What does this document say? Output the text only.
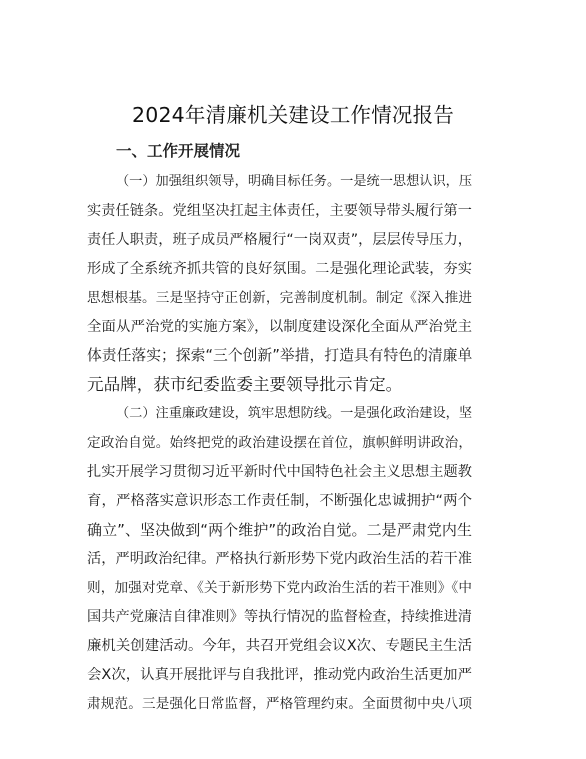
2024年清廉机关建设工作情况报告
一、工作开展情况

（一）加强组织领导，明确目标任务。一是统一思想认识，压

实责任链条。党组坚决扛起主体责任，主要领导带头履行第一

责任人职责，班子成员严格履行“一岗双责”，层层传导压力，

形成了全系统齐抓共管的良好氛围。二是强化理论武装，夯实

思想根基。三是坚持守正创新，完善制度机制。制定《深入推进

全面从严治党的实施方案》，以制度建设深化全面从严治党主

体责任落实；探索“三个创新”举措，打造具有特色的清廉单

元品牌，获市纪委监委主要领导批示肯定。

（二）注重廉政建设，筑牢思想防线。一是强化政治建设，坚

定政治自觉。始终把党的政治建设摆在首位，旗帜鲜明讲政治，

扎实开展学习贯彻习近平新时代中国特色社会主义思想主题教

育，严格落实意识形态工作责任制，不断强化忠诚拥护“两个

确立”、坚决做到“两个维护”的政治自觉。二是严肃党内生

活，严明政治纪律。严格执行新形势下党内政治生活的若干准

则，加强对党章、《关于新形势下党内政治生活的若干准则》《中

国共产党廉洁自律准则》等执行情况的监督检查，持续推进清

廉机关创建活动。今年，共召开党组会议X次、专题民主生活

会X次，认真开展批评与自我批评，推动党内政治生活更加严

肃规范。三是强化日常监督，严格管理约束。全面贯彻中央八项
